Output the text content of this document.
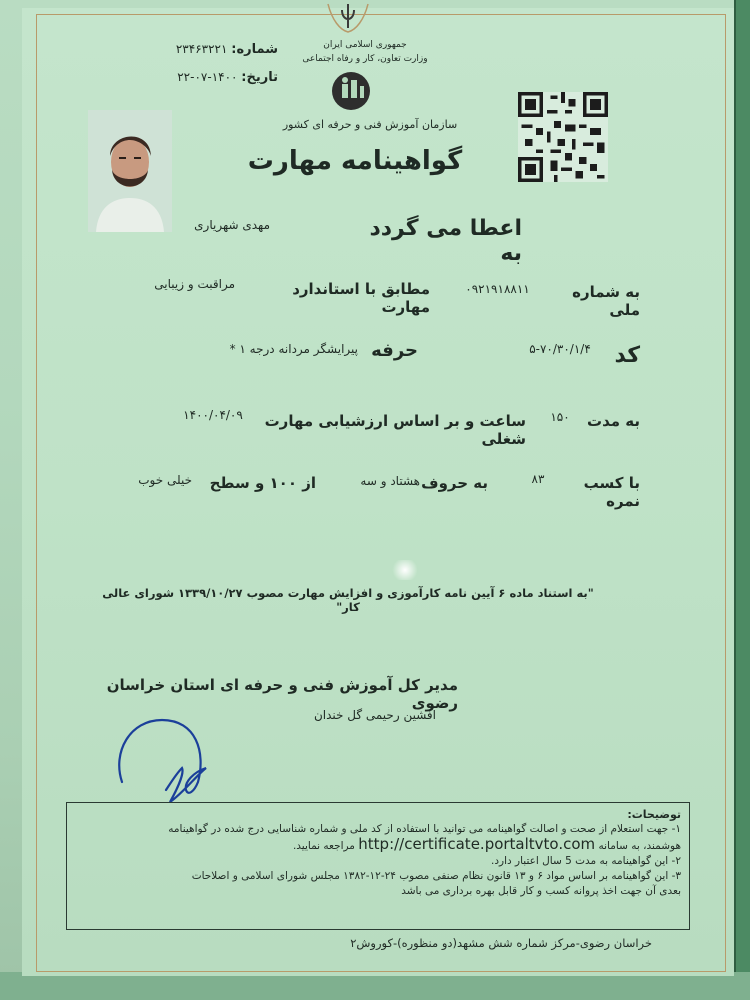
جمهوری اسلامی ایران
وزارت تعاون، کار و رفاه اجتماعی
سازمان آموزش فنی و حرفه ای کشور
گواهینامه مهارت
شماره: ۲۳۴۶۳۲۲۱
تاریخ: ۱۴۰۰-۰۷-۲۲
اعطا می گردد به
مهدی شهریاری
به شماره ملی
۰۹۲۱۹۱۸۸۱۱
مطابق با استاندارد مهارت
مراقبت و زیبایی
کد
۵-۷۰/۳۰/۱/۴
حرفه
پیرایشگر مردانه درجه ۱ *
به مدت
۱۵۰
ساعت و بر اساس ارزشیابی مهارت شغلی
۱۴۰۰/۰۴/۰۹
با کسب نمره
۸۳
به حروف
هشتاد و سه
از ۱۰۰ و سطح
خیلی خوب
"به استناد ماده ۶ آیین نامه کارآموزی و افزایش مهارت مصوب ۱۳۳۹/۱۰/۲۷ شورای عالی کار"
مدیر کل آموزش فنی و حرفه ای استان خراسان رضوی
افشین رحیمی گل خندان
توضیحات:
۱- جهت استعلام از صحت و اصالت گواهینامه می توانید با استفاده از کد ملی و شماره شناسایی درج شده در گواهینامه
هوشمند، به سامانه http://certificate.portaltvto.com مراجعه نمایید.
۲- این گواهینامه به مدت 5 سال اعتبار دارد.
۳- این گواهینامه بر اساس مواد ۶ و ۱۳ قانون نظام صنفی مصوب ۲۴-۱۲-۱۳۸۲ مجلس شورای اسلامی و اصلاحات
بعدی آن جهت اخذ پروانه کسب و کار قابل بهره برداری می باشد
خراسان رضوی-مرکز شماره شش مشهد(دو منظوره)-کوروش۲
